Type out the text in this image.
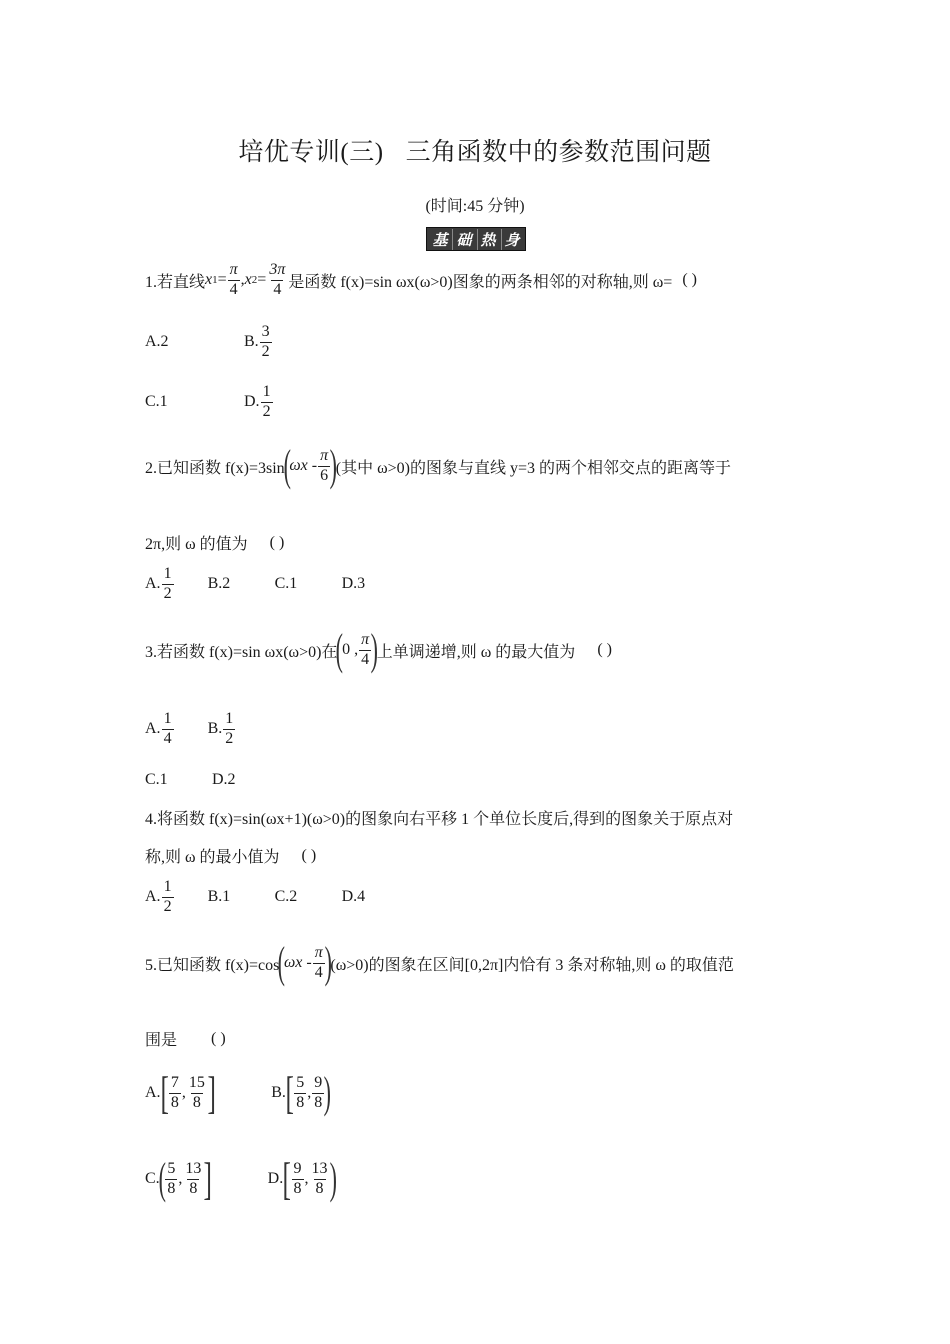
培优专训(三) 三角函数中的参数范围问题
(时间:45 分钟)
基 础 热 身
1.若直线 x $1 = \frac{\pi}{4}$ , x $2 = \frac{3\pi}{4}$ 是函数 f(x)=sin ωx(ω>0)图象的两条相邻的对称轴,则 ω= ( )
A.2	B. $\frac{3}{2}$
C.1	D. $\frac{1}{2}$
2.已知函数 f(x)=3sin
(
ωx - $\frac{\pi}{6}$ )
(其中 ω>0)的图象与直线 y=3 的两个相邻交点的距离等于
2π,则 ω 的值为 ( )
A. $\frac{1}{2} B.2$	C.1	D.3
3.若函数 f(x)=sin ωx(ω>0)在
(
0 , $\frac{\pi}{4}$ )
上单调递增,则 ω 的最大值为 ( )
A. $\frac{1}{4} B$. $\frac{1}{2}$
C.1	D.2
4.将函数 f(x)=sin(ωx+1)(ω>0)的图象向右平移 1 个单位长度后,得到的图象关于原点对
称,则 ω 的最小值为 ( )
A. $\frac{1}{2} B.1$	C.2	D.4
5.已知函数 f(x)=cos
(
ωx - $\frac{\pi}{4}$ )
(ω>0)的图象在区间[0,2π]内恰有 3 条对称轴,则 ω 的取值范
围是 ( )
A. [ $\frac{7}{8}$ , $\frac{15}{8}$ ]	B. [ $\frac{5}{8}$ , $\frac{9}{8}$ )
C.
( $\frac{5}{8}$ , $\frac{13}{8}$ ]	D. [ $\frac{9}{8}$ , $\frac{13}{8}$ )
